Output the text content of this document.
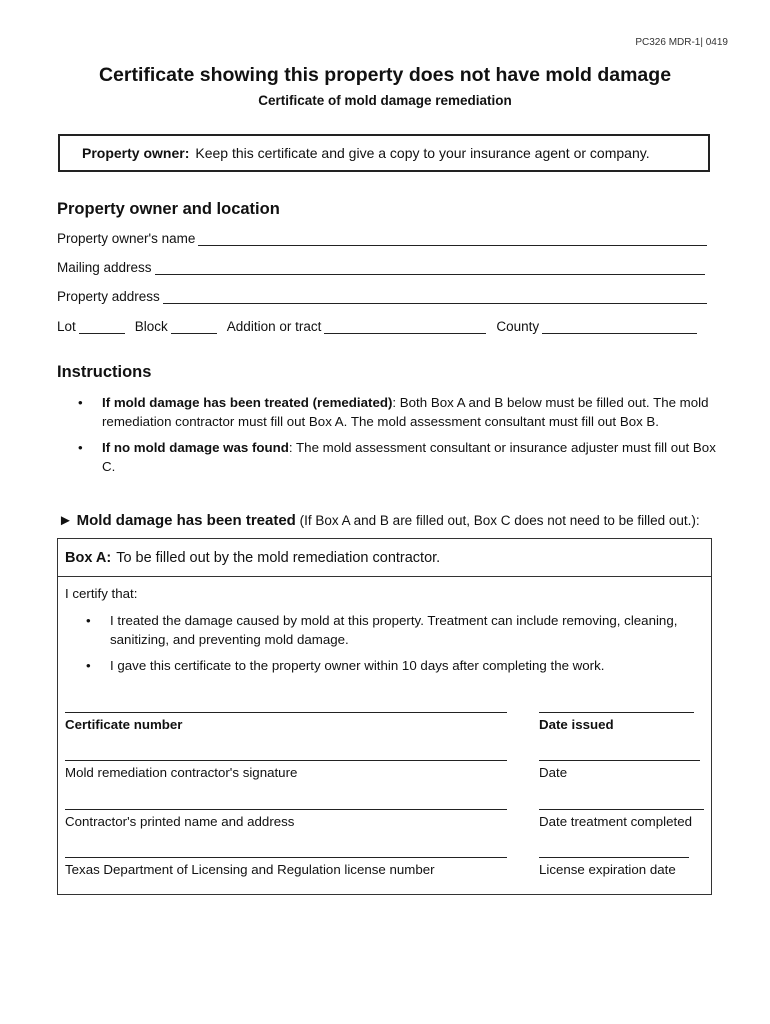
PC326 MDR-1| 0419
Certificate showing this property does not have mold damage
Certificate of mold damage remediation
Property owner: Keep this certificate and give a copy to your insurance agent or company.
Property owner and location
Property owner's name
Mailing address
Property address
Lot	Block	Addition or tract	County
Instructions
• If mold damage has been treated (remediated): Both Box A and B below must be filled out. The mold remediation contractor must fill out Box A. The mold assessment consultant must fill out Box B.
• If no mold damage was found: The mold assessment consultant or insurance adjuster must fill out Box C.
► Mold damage has been treated (If Box A and B are filled out, Box C does not need to be filled out.):
Box A: To be filled out by the mold remediation contractor.
I certify that:
• I treated the damage caused by mold at this property. Treatment can include removing, cleaning, sanitizing, and preventing mold damage.
• I gave this certificate to the property owner within 10 days after completing the work.
Certificate number	Date issued
Mold remediation contractor's signature	Date
Contractor's printed name and address	Date treatment completed
Texas Department of Licensing and Regulation license number	License expiration date
